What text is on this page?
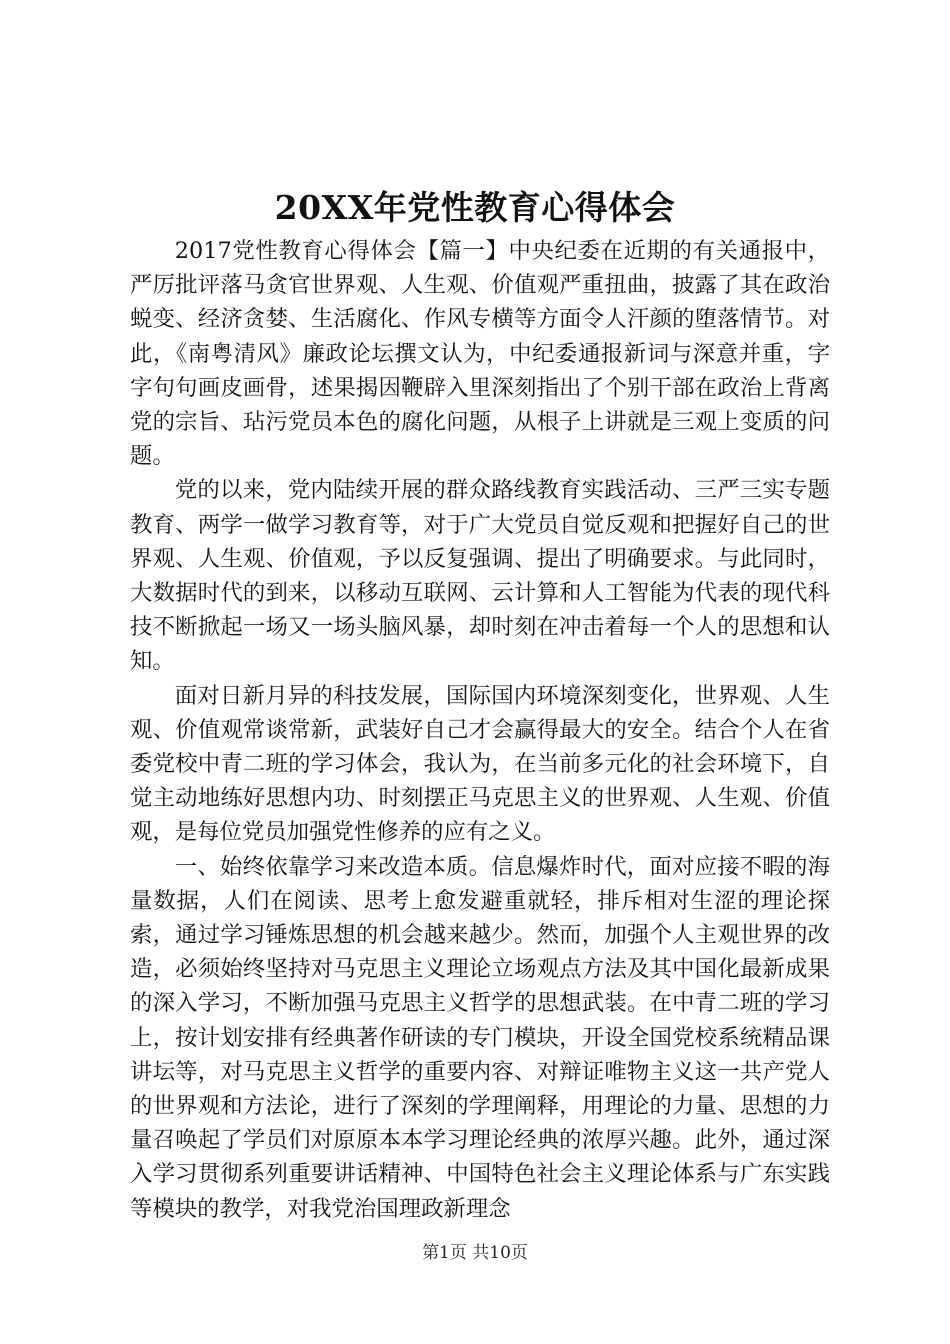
20XX年党性教育心得体会

2017党性教育心得体会【篇一】中央纪委在近期的有关通报中，严厉批评落马贪官世界观、人生观、价值观严重扭曲，披露了其在政治蜕变、经济贪婪、生活腐化、作风专横等方面令人汗颜的堕落情节。对此，《南粤清风》廉政论坛撰文认为，中纪委通报新词与深意并重，字字句句画皮画骨，述果揭因鞭辟入里深刻指出了个别干部在政治上背离党的宗旨、玷污党员本色的腐化问题，从根子上讲就是三观上变质的问题。

党的以来，党内陆续开展的群众路线教育实践活动、三严三实专题教育、两学一做学习教育等，对于广大党员自觉反观和把握好自己的世界观、人生观、价值观，予以反复强调、提出了明确要求。与此同时，大数据时代的到来，以移动互联网、云计算和人工智能为代表的现代科技不断掀起一场又一场头脑风暴，却时刻在冲击着每一个人的思想和认知。

面对日新月异的科技发展，国际国内环境深刻变化，世界观、人生观、价值观常谈常新，武装好自己才会赢得最大的安全。结合个人在省委党校中青二班的学习体会，我认为，在当前多元化的社会环境下，自觉主动地练好思想内功、时刻摆正马克思主义的世界观、人生观、价值观，是每位党员加强党性修养的应有之义。

一、始终依靠学习来改造本质。信息爆炸时代，面对应接不暇的海量数据，人们在阅读、思考上愈发避重就轻，排斥相对生涩的理论探索，通过学习锤炼思想的机会越来越少。然而，加强个人主观世界的改造，必须始终坚持对马克思主义理论立场观点方法及其中国化最新成果的深入学习，不断加强马克思主义哲学的思想武装。在中青二班的学习上，按计划安排有经典著作研读的专门模块，开设全国党校系统精品课讲坛等，对马克思主义哲学的重要内容、对辩证唯物主义这一共产党人的世界观和方法论，进行了深刻的学理阐释，用理论的力量、思想的力量召唤起了学员们对原原本本学习理论经典的浓厚兴趣。此外，通过深入学习贯彻系列重要讲话精神、中国特色社会主义理论体系与广东实践等模块的教学，对我党治国理政新理念

第1页 共10页
